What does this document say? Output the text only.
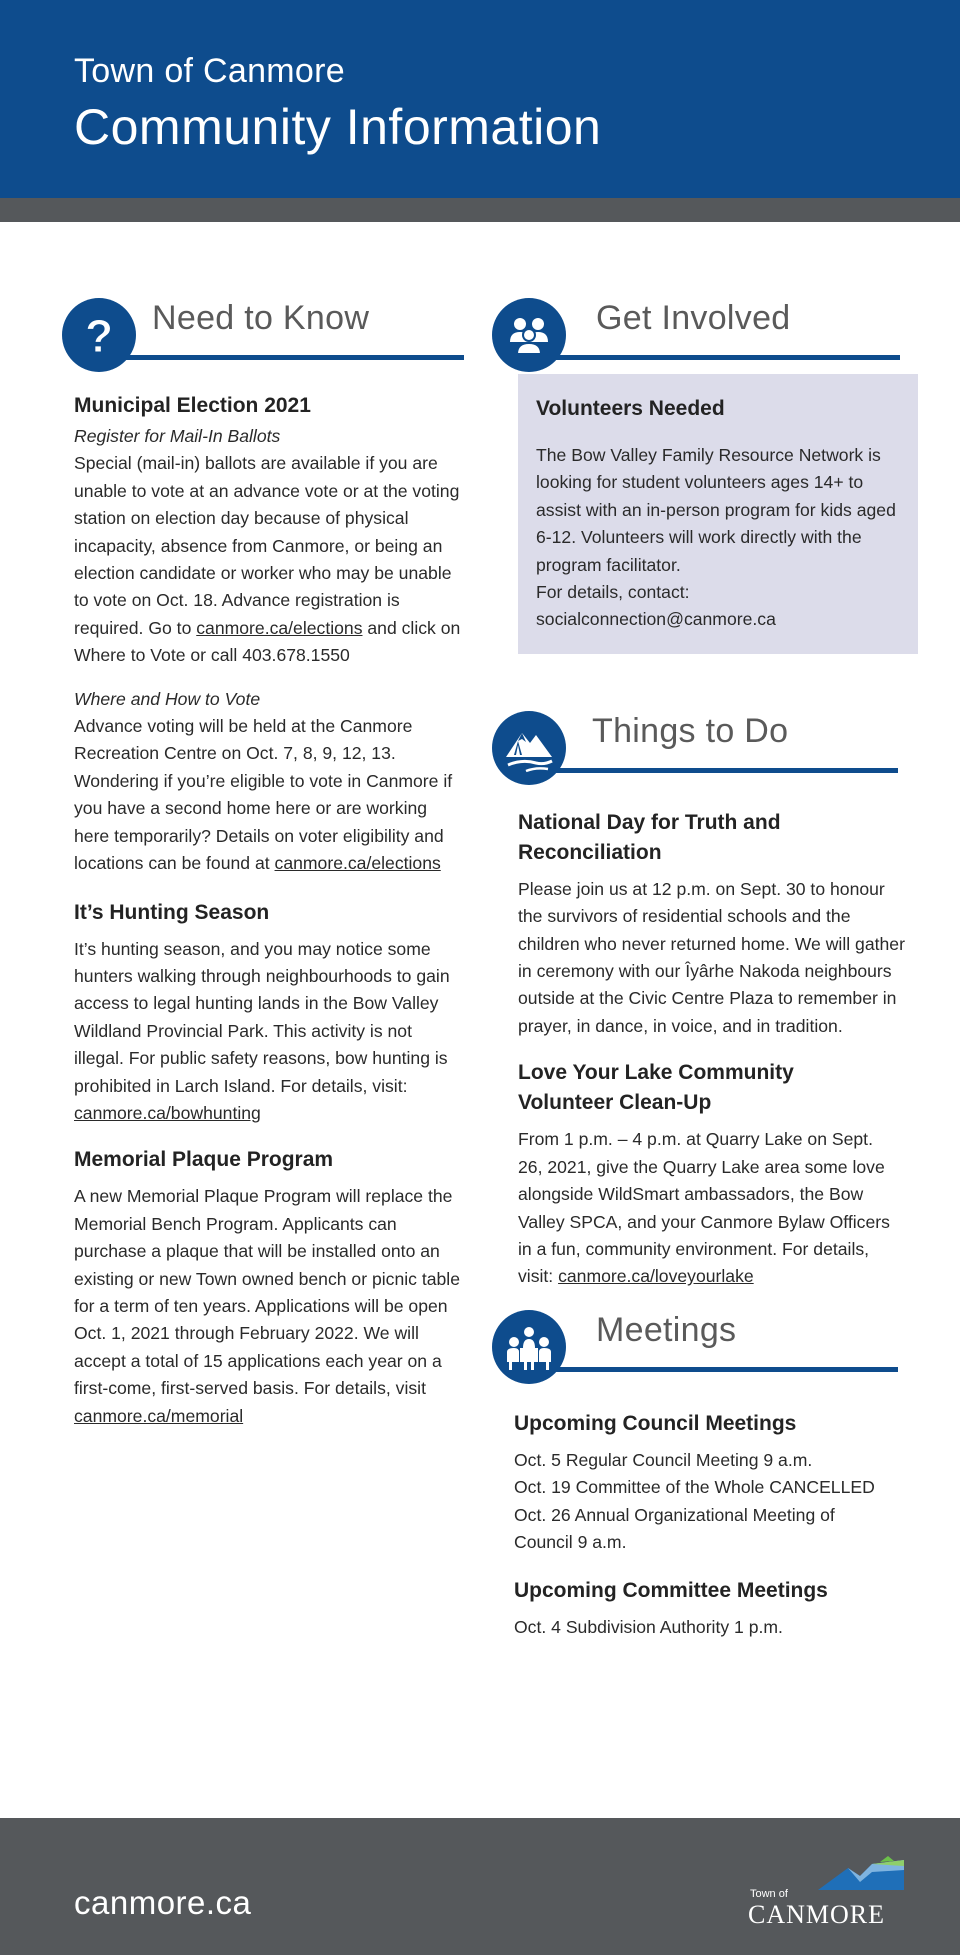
Town of Canmore
Community Information
? Need to Know
Municipal Election 2021

Register for Mail-In Ballots

Special (mail-in) ballots are available if you are unable to vote at an advance vote or at the voting station on election day because of physical incapacity, absence from Canmore, or being an election candidate or worker who may be unable to vote on Oct. 18. Advance registration is required. Go to canmore.ca/elections and click on Where to Vote or call 403.678.1550

Where and How to Vote

Advance voting will be held at the Canmore Recreation Centre on Oct. 7, 8, 9, 12, 13. Wondering if you’re eligible to vote in Canmore if you have a second home here or are working here temporarily? Details on voter eligibility and locations can be found at canmore.ca/elections

It’s Hunting Season

It’s hunting season, and you may notice some hunters walking through neighbourhoods to gain access to legal hunting lands in the Bow Valley Wildland Provincial Park. This activity is not illegal. For public safety reasons, bow hunting is prohibited in Larch Island. For details, visit: canmore.ca/bowhunting

Memorial Plaque Program

A new Memorial Plaque Program will replace the Memorial Bench Program. Applicants can purchase a plaque that will be installed onto an existing or new Town owned bench or picnic table for a term of ten years. Applications will be open Oct. 1, 2021 through February 2022. We will accept a total of 15 applications each year on a first-come, first-served basis. For details, visit canmore.ca/memorial

Get Involved
Volunteers Needed

The Bow Valley Family Resource Network is looking for student volunteers ages 14+ to assist with an in-person program for kids aged 6-12. Volunteers will work directly with the program facilitator.

For details, contact:

socialconnection@canmore.ca

Things to Do
National Day for Truth and Reconciliation

Please join us at 12 p.m. on Sept. 30 to honour the survivors of residential schools and the children who never returned home. We will gather in ceremony with our Îyârhe Nakoda neighbours outside at the Civic Centre Plaza to remember in prayer, in dance, in voice, and in tradition.

Love Your Lake Community Volunteer Clean-Up

From 1 p.m. – 4 p.m. at Quarry Lake on Sept. 26, 2021, give the Quarry Lake area some love alongside WildSmart ambassadors, the Bow Valley SPCA, and your Canmore Bylaw Officers in a fun, community environment. For details, visit: canmore.ca/loveyourlake

Meetings
Upcoming Council Meetings

Oct. 5 Regular Council Meeting 9 a.m.

Oct. 19 Committee of the Whole CANCELLED

Oct. 26 Annual Organizational Meeting of Council 9 a.m.

Upcoming Committee Meetings

Oct. 4 Subdivision Authority 1 p.m.

canmore.ca	Town of
CANMORE
